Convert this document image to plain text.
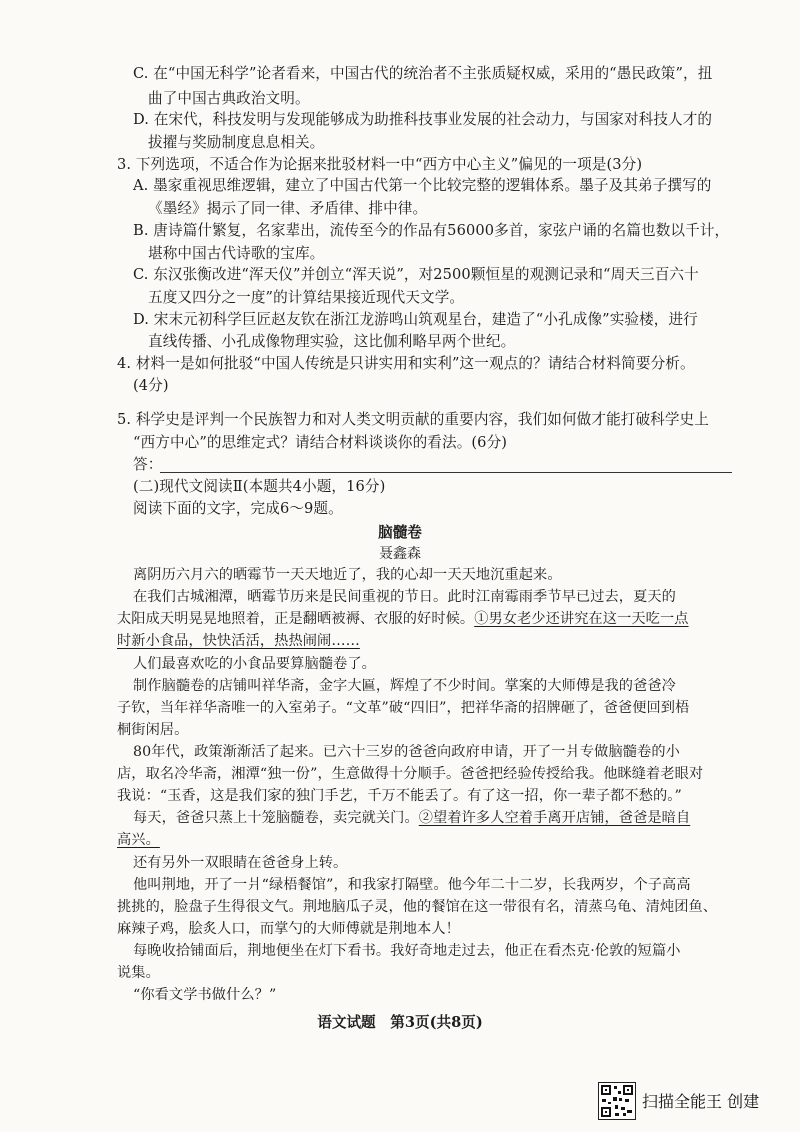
C. 在“中国无科学”论者看来，中国古代的统治者不主张质疑权威，采用的“愚民政策”，扭
曲了中国古典政治文明。
D. 在宋代，科技发明与发现能够成为助推科技事业发展的社会动力，与国家对科技人才的
拔擢与奖励制度息息相关。
3. 下列选项，不适合作为论据来批驳材料一中“西方中心主义”偏见的一项是(3分)
A. 墨家重视思维逻辑，建立了中国古代第一个比较完整的逻辑体系。墨子及其弟子撰写的
《墨经》揭示了同一律、矛盾律、排中律。
B. 唐诗篇什繁复，名家辈出，流传至今的作品有56000多首，家弦户诵的名篇也数以千计，
堪称中国古代诗歌的宝库。
C. 东汉张衡改进“浑天仪”并创立“浑天说”，对2500颗恒星的观测记录和“周天三百六十
五度又四分之一度”的计算结果接近现代天文学。
D. 宋末元初科学巨匠赵友钦在浙江龙游鸣山筑观星台，建造了“小孔成像”实验楼，进行
直线传播、小孔成像物理实验，这比伽利略早两个世纪。
4. 材料一是如何批驳“中国人传统是只讲实用和实利”这一观点的？请结合材料简要分析。
(4分)
5. 科学史是评判一个民族智力和对人类文明贡献的重要内容，我们如何做才能打破科学史上
“西方中心”的思维定式？请结合材料谈谈你的看法。(6分)
答：
(二)现代文阅读Ⅱ(本题共4小题，16分)
阅读下面的文字，完成6～9题。
脑髓卷
聂鑫森
离阴历六月六的晒霉节一天天地近了，我的心却一天天地沉重起来。
在我们古城湘潭，晒霉节历来是民间重视的节日。此时江南霉雨季节早已过去，夏天的
太阳成天明晃晃地照着，正是翻晒被褥、衣服的好时候。①男女老少还讲究在这一天吃一点
时新小食品，快快活活，热热闹闹……
人们最喜欢吃的小食品要算脑髓卷了。
制作脑髓卷的店铺叫祥华斋，金字大匾，辉煌了不少时间。掌案的大师傅是我的爸爸冷
子钦，当年祥华斋唯一的入室弟子。“文革”破“四旧”，把祥华斋的招牌砸了，爸爸便回到梧
桐街闲居。
80年代，政策渐渐活了起来。已六十三岁的爸爸向政府申请，开了一爿专做脑髓卷的小
店，取名冷华斋，湘潭“独一份”，生意做得十分顺手。爸爸把经验传授给我。他眯缝着老眼对
我说：“玉香，这是我们家的独门手艺，千万不能丢了。有了这一招，你一辈子都不愁的。”
每天，爸爸只蒸上十笼脑髓卷，卖完就关门。②望着许多人空着手离开店铺，爸爸是暗自
高兴。
还有另外一双眼睛在爸爸身上转。
他叫荆地，开了一爿“绿梧餐馆”，和我家打隔壁。他今年二十二岁，长我两岁，个子高高
挑挑的，脸盘子生得很文气。荆地脑瓜子灵，他的餐馆在这一带很有名，清蒸乌龟、清炖团鱼、
麻辣子鸡，脍炙人口，而掌勺的大师傅就是荆地本人！
每晚收拾铺面后，荆地便坐在灯下看书。我好奇地走过去，他正在看杰克·伦敦的短篇小
说集。
“你看文学书做什么？”
语文试题　第3页(共8页)
扫描全能王 创建
